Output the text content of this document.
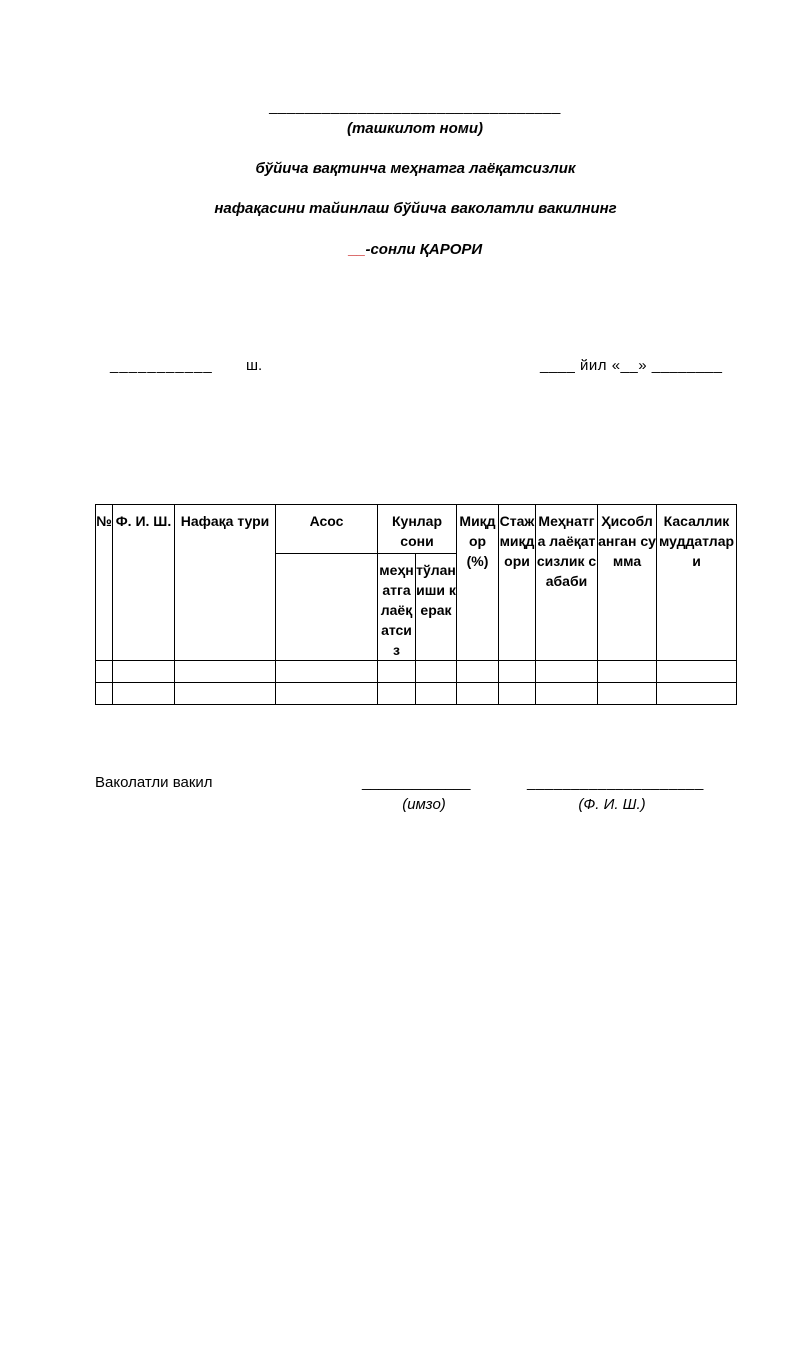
_________________________________
(ташкилот номи)
бўйича вақтинча меҳнатга лаёқатсизлик
нафақасини тайинлаш бўйича ваколатли вакилнинг
__-сонли ҚАРОРИ
___________ ш.	____ йил «__» ________
№	Ф. И. Ш.	Нафақа тури	Асос	Кунлар сони		Миқдор (%)	Стаж миқдори	Меҳнатга лаёқатсизлик сабаби	Ҳисобланган сумма	Касаллик муддатлари
				меҳнатга лаёқатсиз	тўланиши керак					

Ваколатли вакил	_____________
(имзо)
____________________
(Ф. И. Ш.)
